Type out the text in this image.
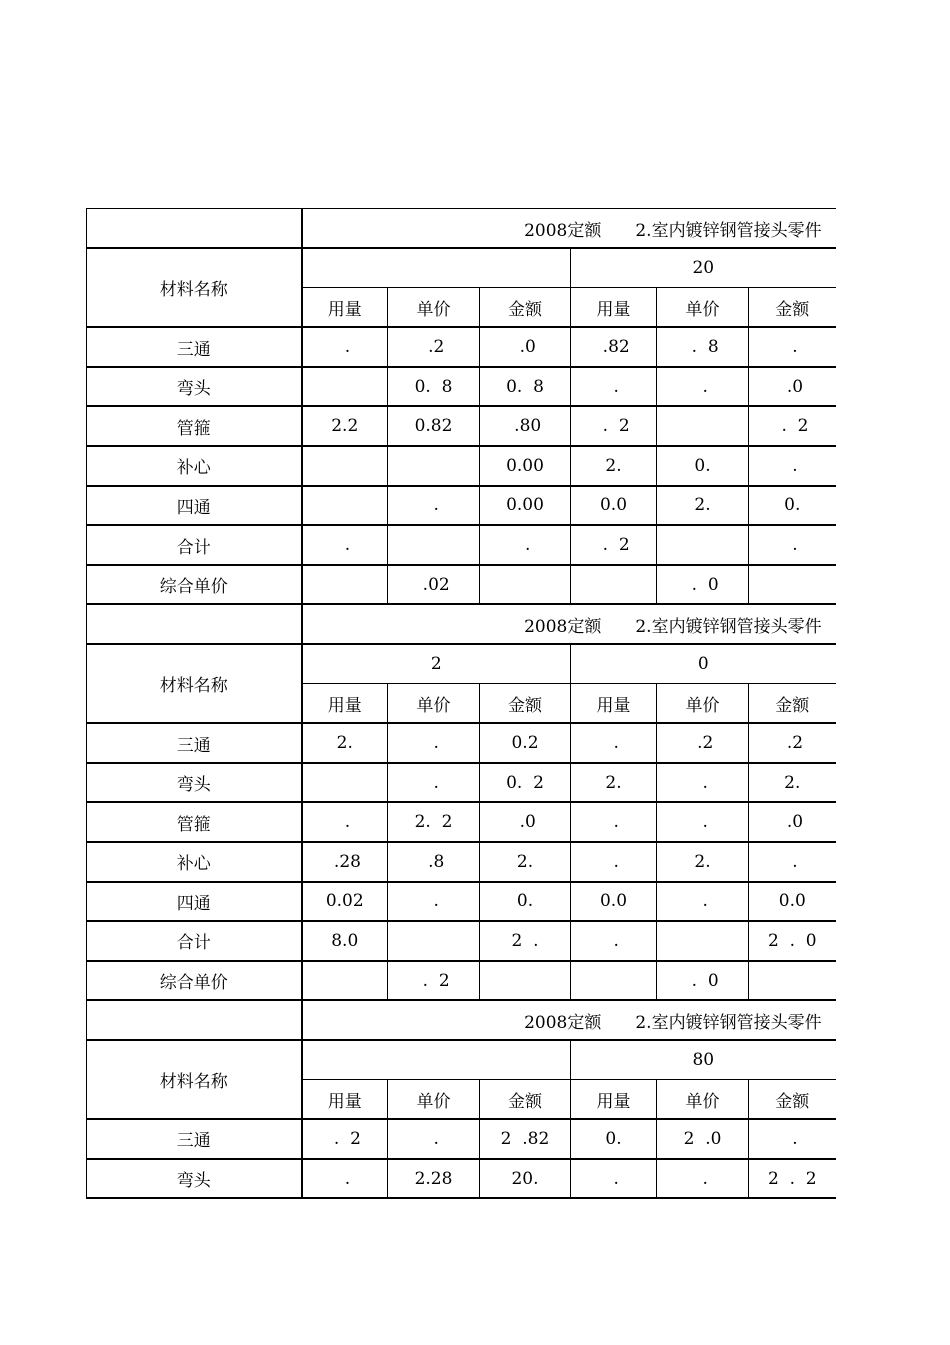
	2008定额　　2.室内镀锌钢管接头零件					
材料名称				20		
	用量	单价	金额	用量	单价	金额
三通	.	.2	.0	.82	.  8	.
弯头		0.  8	0.  8	.	.	.0
管箍	2.2	0.82	.80	.  2		.  2
补心			0.00	2.	0.	.
四通		.	0.00	0.0	2.	0.
合计	.		.	.  2		.
综合单价		.02			.  0	
	2008定额　　2.室内镀锌钢管接头零件					
材料名称	2			0		
	用量	单价	金额	用量	单价	金额
三通	2.	.	0.2	.	.2	.2
弯头		.	0.  2	2.	.	2.
管箍	.	2.  2	.0	.	.	.0
补心	.28	.8	2.	.	2.	.
四通	0.02	.	0.	0.0	.	0.0
合计	8.0		2  .	.		2  .  0
综合单价		.  2			.  0	
	2008定额　　2.室内镀锌钢管接头零件					
材料名称				80		
	用量	单价	金额	用量	单价	金额
三通	.  2	.	2  .82	0.	2  .0	.
弯头	.	2.28	20.	.	.	2  .  2
